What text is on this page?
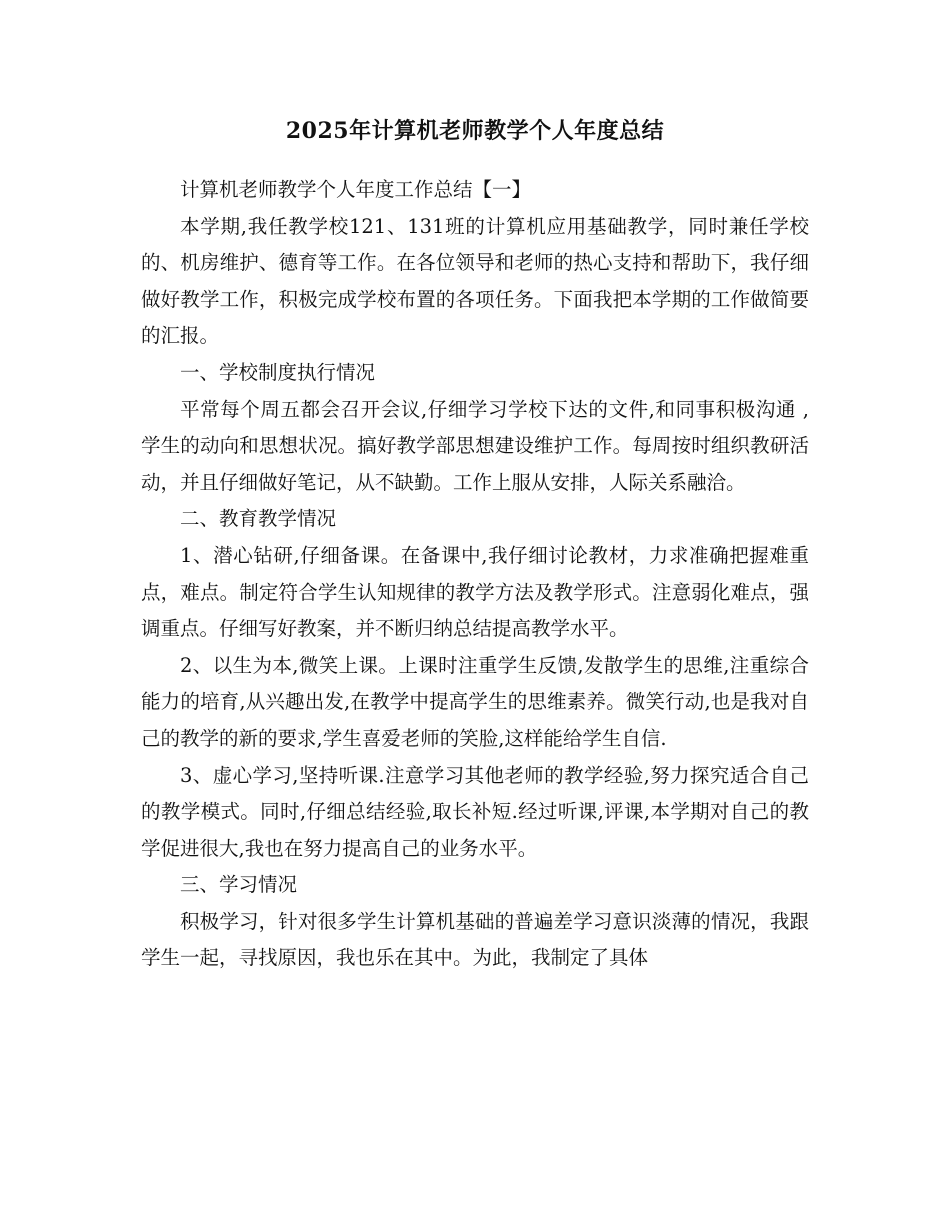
2025年计算机老师教学个人年度总结

计算机老师教学个人年度工作总结【一】

本学期,我任教学校121、131班的计算机应用基础教学，同时兼任学校的、机房维护、德育等工作。在各位领导和老师的热心支持和帮助下，我仔细做好教学工作，积极完成学校布置的各项任务。下面我把本学期的工作做简要的汇报。

一、学校制度执行情况

平常每个周五都会召开会议,仔细学习学校下达的文件,和同事积极沟通 ,学生的动向和思想状况。搞好教学部思想建设维护工作。每周按时组织教研活动，并且仔细做好笔记，从不缺勤。工作上服从安排，人际关系融洽。

二、教育教学情况

1、潜心钻研,仔细备课。在备课中,我仔细讨论教材，力求准确把握难重点，难点。制定符合学生认知规律的教学方法及教学形式。注意弱化难点，强调重点。仔细写好教案，并不断归纳总结提高教学水平。

2、以生为本,微笑上课。上课时注重学生反馈,发散学生的思维,注重综合能力的培育,从兴趣出发,在教学中提高学生的思维素养。微笑行动,也是我对自己的教学的新的要求,学生喜爱老师的笑脸,这样能给学生自信.

3、虚心学习,坚持听课.注意学习其他老师的教学经验,努力探究适合自己的教学模式。同时,仔细总结经验,取长补短.经过听课,评课,本学期对自己的教学促进很大,我也在努力提高自己的业务水平。

三、学习情况

积极学习，针对很多学生计算机基础的普遍差学习意识淡薄的情况，我跟学生一起，寻找原因，我也乐在其中。为此，我制定了具体
